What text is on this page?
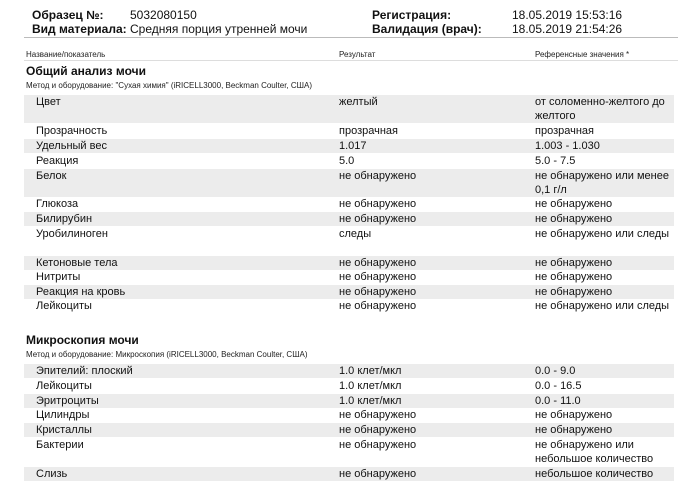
Образец №: 5032080150
Вид материала: Средняя порция утренней мочи
Регистрация:	18.05.2019 15:53:16
Валидация (врач):	18.05.2019 21:54:26
Название/показатель	Результат	Референсные значения *
Общий анализ мочи
Метод и оборудование: "Сухая химия" (iRICELL3000, Beckman Coulter, США)
Цвет	желтый	от соломенно-желтого до желтого
Прозрачность	прозрачная	прозрачная
Удельный вес	1.017	1.003 - 1.030
Реакция	5.0	5.0 - 7.5
Белок	не обнаружено	не обнаружено или менее 0,1 г/л
Глюкоза	не обнаружено	не обнаружено
Билирубин	не обнаружено	не обнаружено
Уробилиноген	следы	не обнаружено или следы
Кетоновые тела	не обнаружено	не обнаружено
Нитриты	не обнаружено	не обнаружено
Реакция на кровь	не обнаружено	не обнаружено
Лейкоциты	не обнаружено	не обнаружено или следы
Микроскопия мочи
Метод и оборудование: Микроскопия (iRICELL3000, Beckman Coulter, США)
Эпителий: плоский	1.0 клет/мкл	0.0 - 9.0
Лейкоциты	1.0 клет/мкл	0.0 - 16.5
Эритроциты	1.0 клет/мкл	0.0 - 11.0
Цилиндры	не обнаружено	не обнаружено
Кристаллы	не обнаружено	не обнаружено
Бактерии	не обнаружено	не обнаружено или небольшое количество
Слизь	не обнаружено	небольшое количество
